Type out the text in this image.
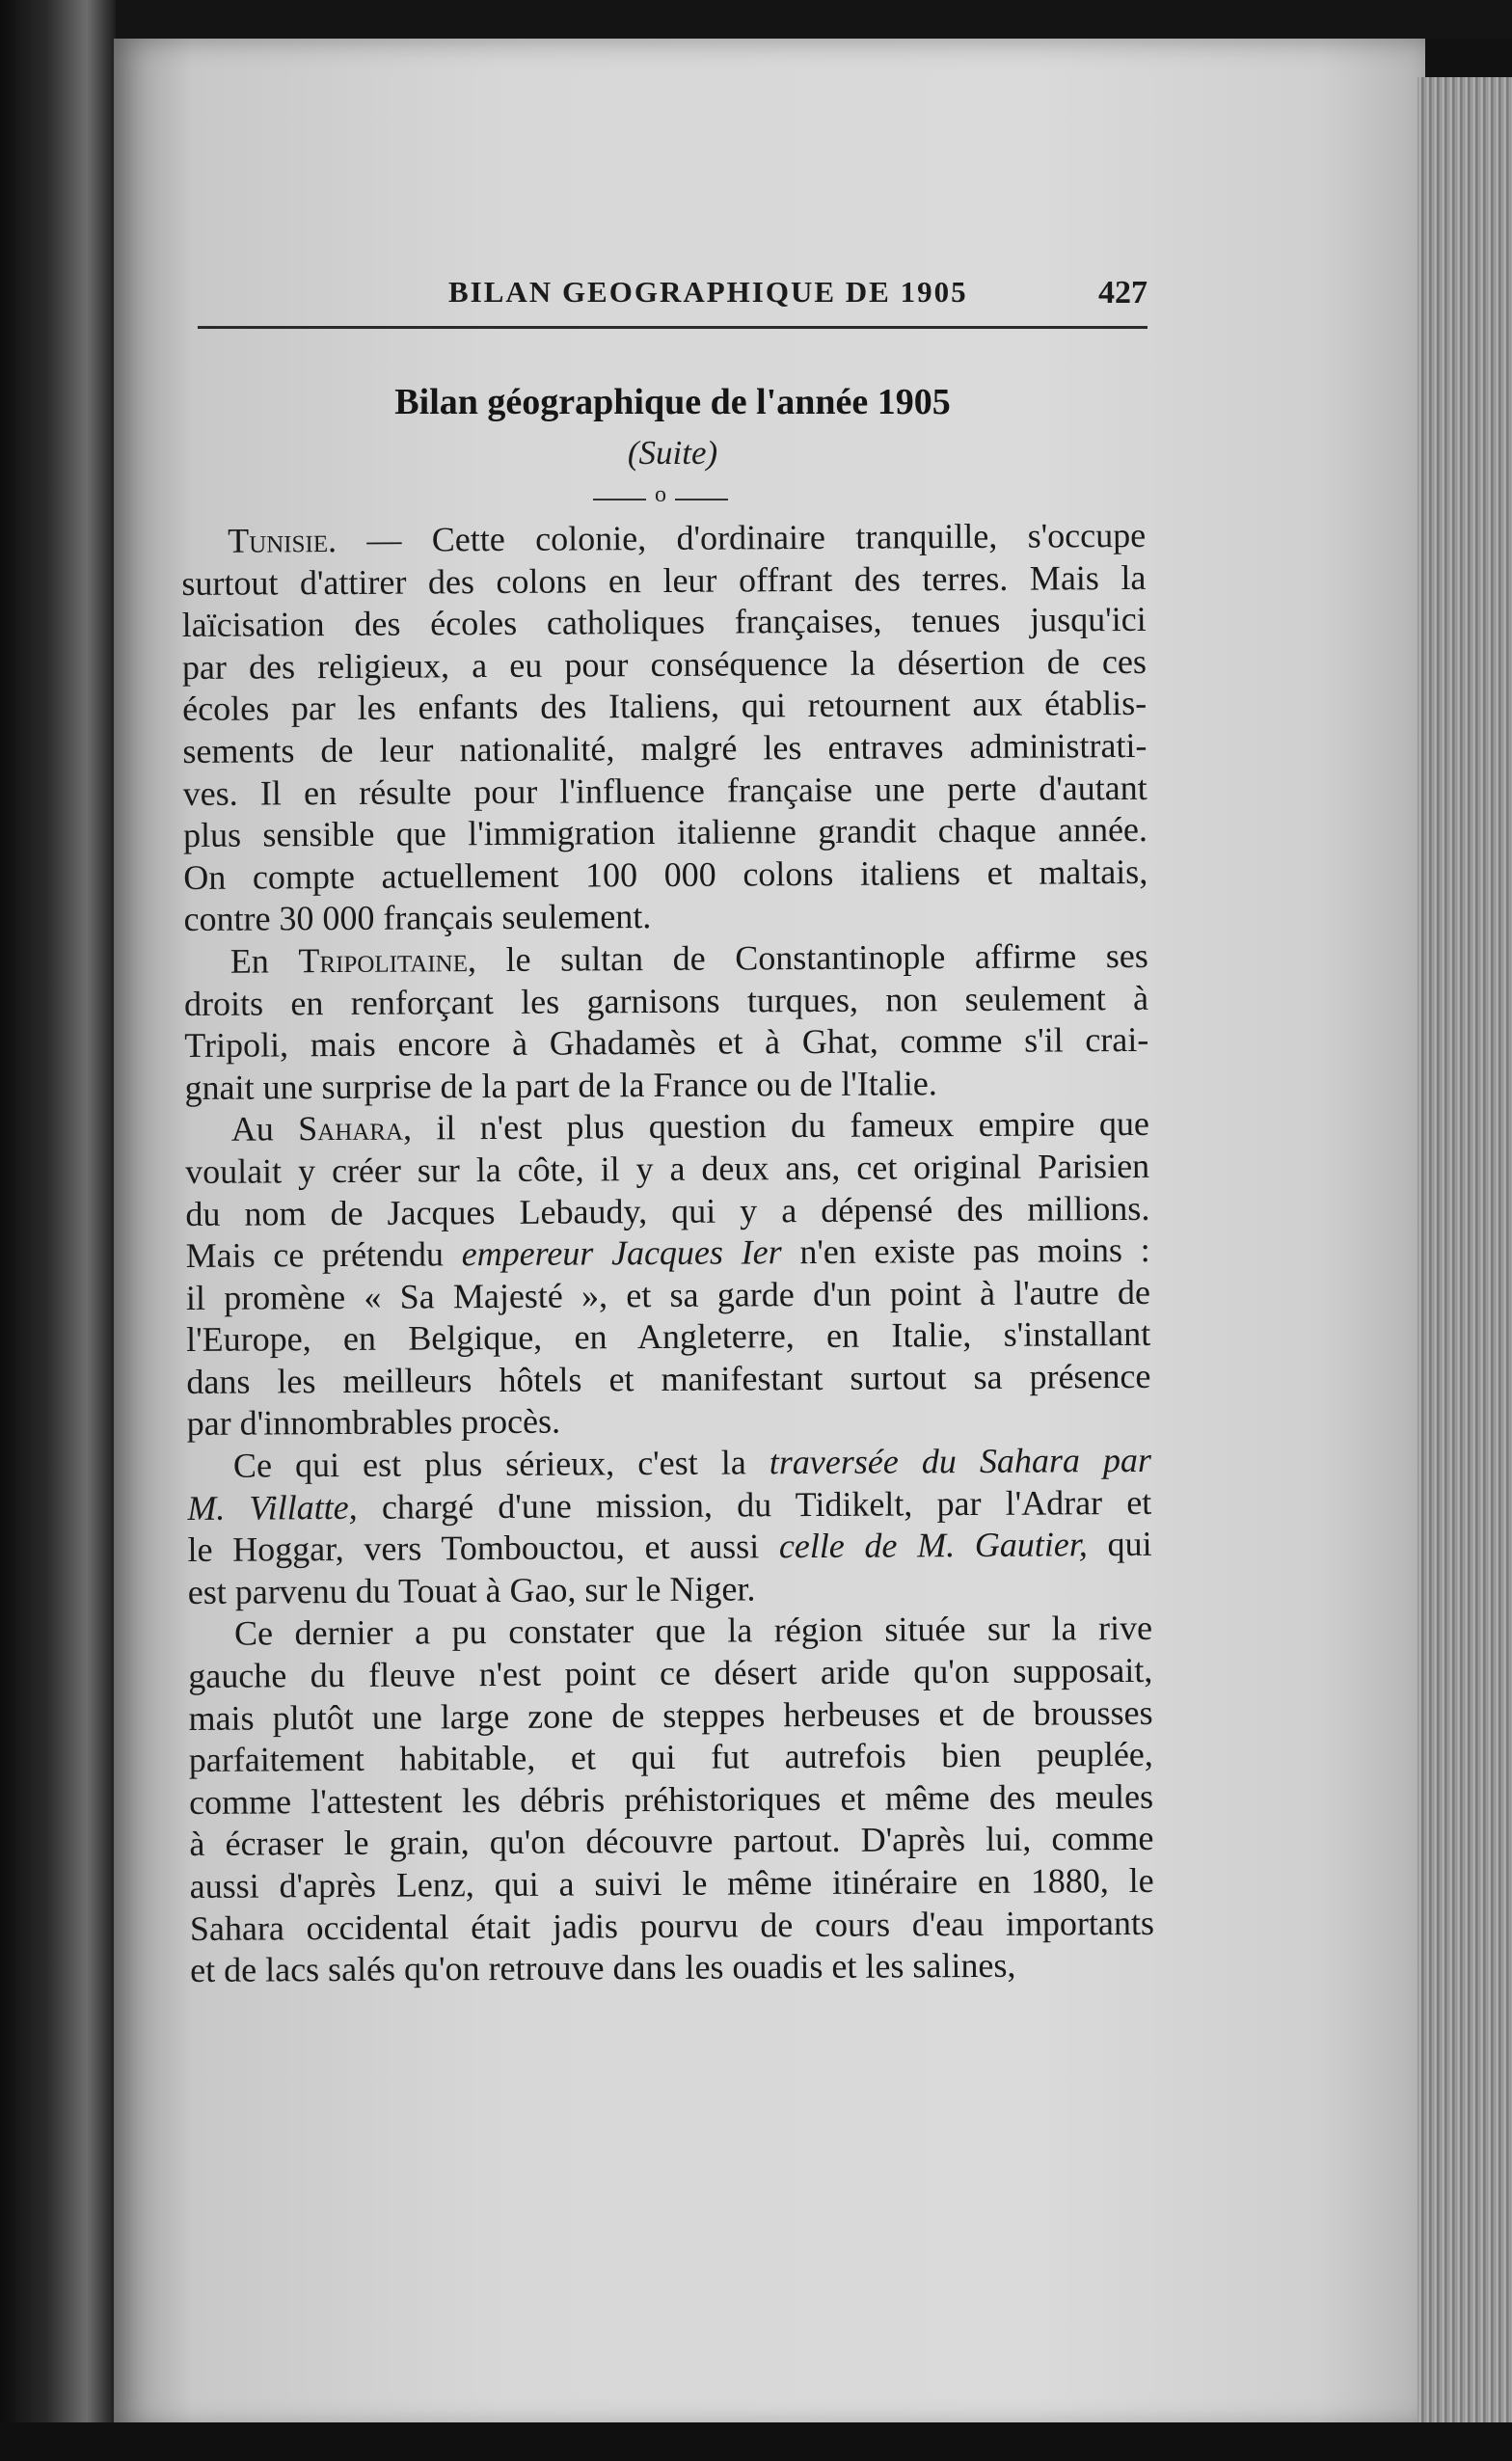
BILAN GEOGRAPHIQUE DE 1905	427
Bilan géographique de l'année 1905
(Suite)
o
Tunisie. — Cette colonie, d'ordinaire tranquille, s'occupe
surtout d'attirer des colons en leur offrant des terres. Mais la
laïcisation des écoles catholiques françaises, tenues jusqu'ici
par des religieux, a eu pour conséquence la désertion de ces
écoles par les enfants des Italiens, qui retournent aux établis-
sements de leur nationalité, malgré les entraves administrati-
ves. Il en résulte pour l'influence française une perte d'autant
plus sensible que l'immigration italienne grandit chaque année.
On compte actuellement 100 000 colons italiens et maltais,
contre 30 000 français seulement.
En Tripolitaine, le sultan de Constantinople affirme ses
droits en renforçant les garnisons turques, non seulement à
Tripoli, mais encore à Ghadamès et à Ghat, comme s'il crai-
gnait une surprise de la part de la France ou de l'Italie.
Au Sahara, il n'est plus question du fameux empire que
voulait y créer sur la côte, il y a deux ans, cet original Parisien
du nom de Jacques Lebaudy, qui y a dépensé des millions.
Mais ce prétendu empereur Jacques Ier n'en existe pas moins :
il promène « Sa Majesté », et sa garde d'un point à l'autre de
l'Europe, en Belgique, en Angleterre, en Italie, s'installant
dans les meilleurs hôtels et manifestant surtout sa présence
par d'innombrables procès.
Ce qui est plus sérieux, c'est la traversée du Sahara par
M. Villatte, chargé d'une mission, du Tidikelt, par l'Adrar et
le Hoggar, vers Tombouctou, et aussi celle de M. Gautier, qui
est parvenu du Touat à Gao, sur le Niger.
Ce dernier a pu constater que la région située sur la rive
gauche du fleuve n'est point ce désert aride qu'on supposait,
mais plutôt une large zone de steppes herbeuses et de brousses
parfaitement habitable, et qui fut autrefois bien peuplée,
comme l'attestent les débris préhistoriques et même des meules
à écraser le grain, qu'on découvre partout. D'après lui, comme
aussi d'après Lenz, qui a suivi le même itinéraire en 1880, le
Sahara occidental était jadis pourvu de cours d'eau importants
et de lacs salés qu'on retrouve dans les ouadis et les salines,
